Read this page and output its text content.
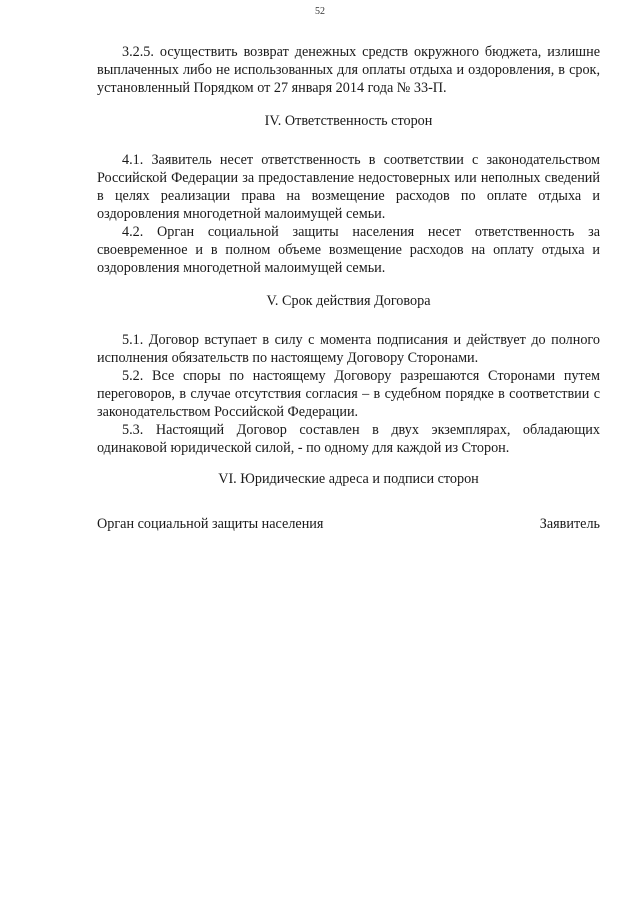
52

3.2.5. осуществить возврат денежных средств окружного бюджета, излишне выплаченных либо не использованных для оплаты отдыха и оздоровления, в срок, установленный Порядком от 27 января 2014 года № 33-П.

IV. Ответственность сторон

4.1. Заявитель несет ответственность в соответствии с законодательством Российской Федерации за предоставление недостоверных или неполных сведений в целях реализации права на возмещение расходов по оплате отдыха и оздоровления многодетной малоимущей семьи.

4.2. Орган социальной защиты населения несет ответственность за своевременное и в полном объеме возмещение расходов на оплату отдыха и оздоровления многодетной малоимущей семьи.

V. Срок действия Договора

5.1. Договор вступает в силу с момента подписания и действует до полного исполнения обязательств по настоящему Договору Сторонами.

5.2. Все споры по настоящему Договору разрешаются Сторонами путем переговоров, в случае отсутствия согласия – в судебном порядке в соответствии с законодательством Российской Федерации.

5.3. Настоящий Договор составлен в двух экземплярах, обладающих одинаковой юридической силой, - по одному для каждой из Сторон.

VI. Юридические адреса и подписи сторон

Орган социальной защиты населения	Заявитель
